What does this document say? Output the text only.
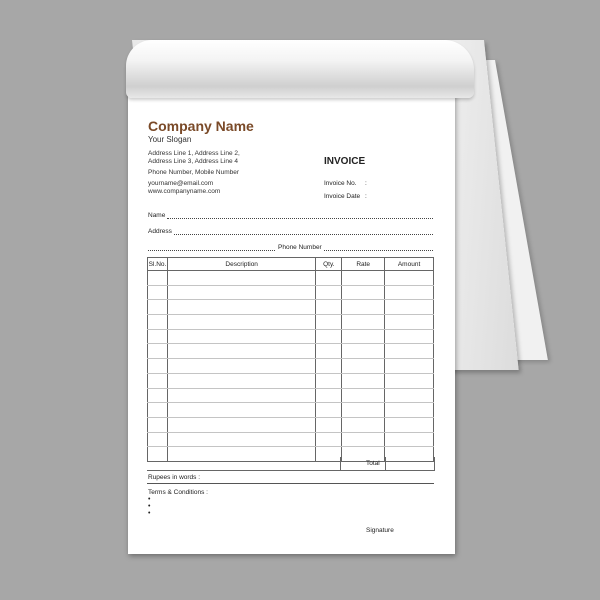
Company Name
Your Slogan
Address Line 1, Address Line 2,
Address Line 3, Address Line 4
Phone Number, Mobile Number
yourname@email.com
www.companyname.com
INVOICE
Invoice No. :
Invoice Date :
Name
Address
Phone Number
Sl.No.	Description	Qty.	Rate	Amount

Total
Rupees in words :
Terms & Conditions :
•
•
•
Signature
